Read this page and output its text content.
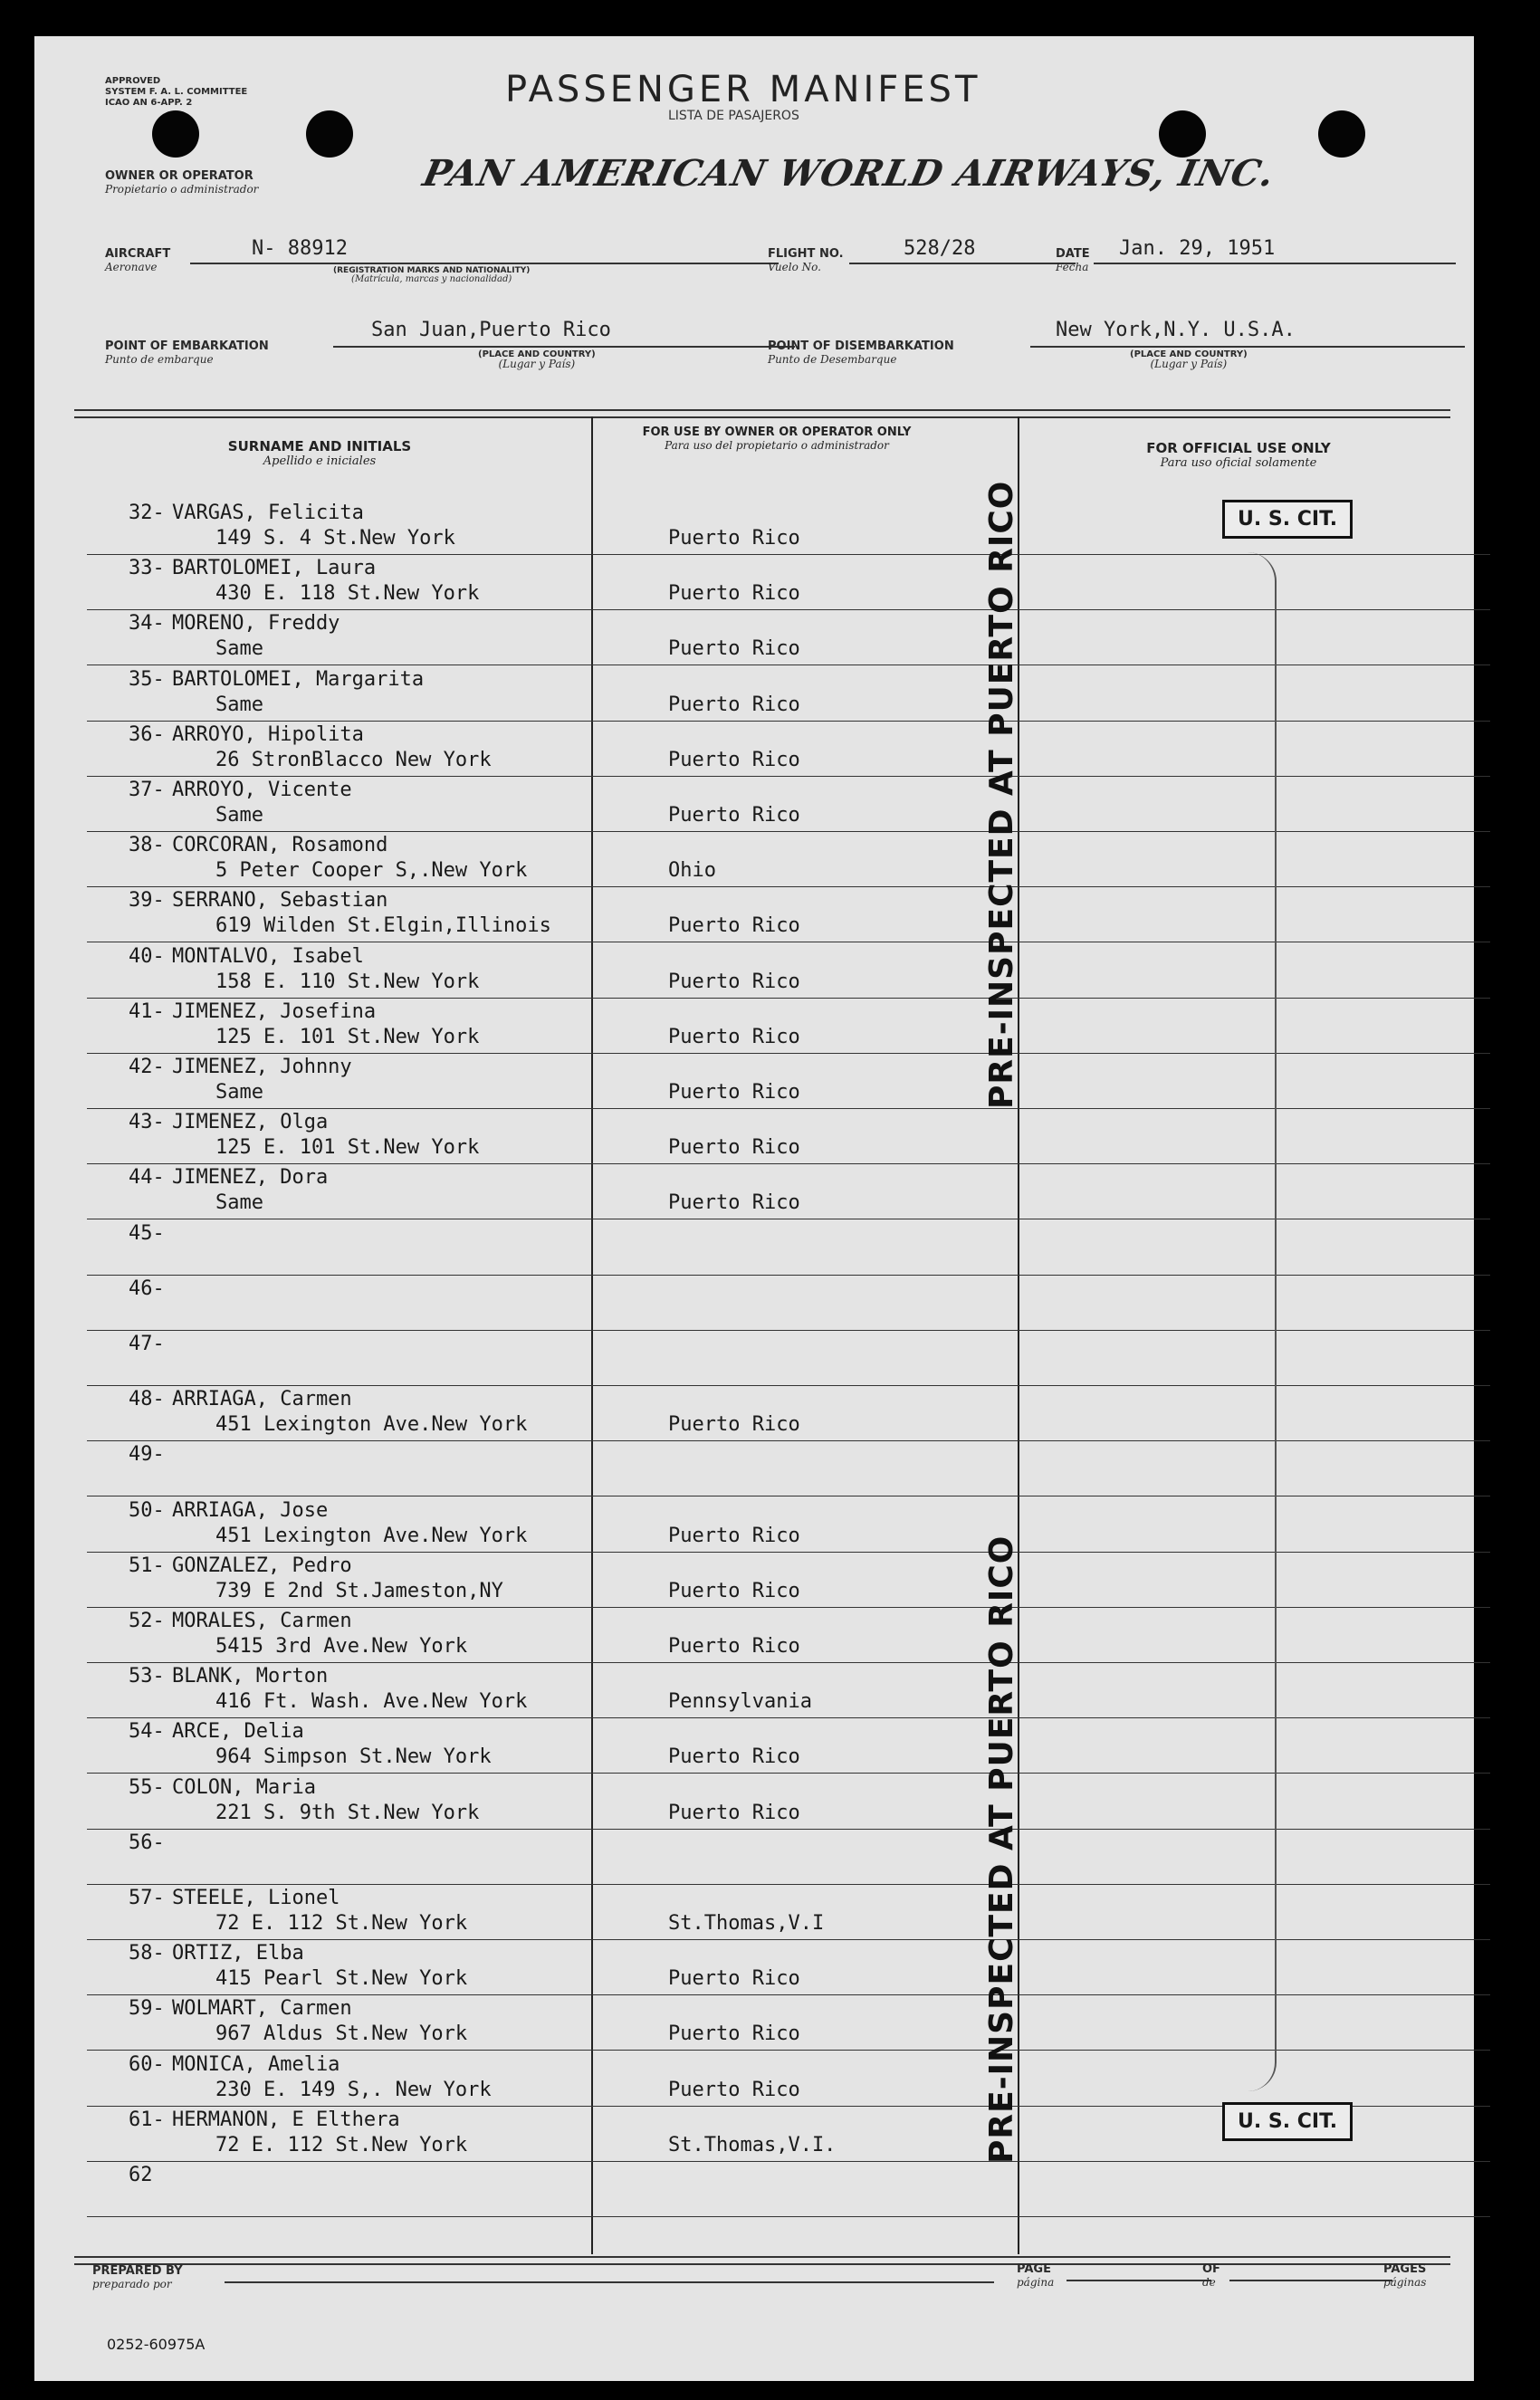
APPROVED
SYSTEM F. A. L. COMMITTEE
ICAO AN 6-APP. 2	PASSENGER MANIFEST
LISTA DE PASAJEROS
OWNER OR OPERATOR
Propietario o administrador	PAN AMERICAN WORLD AIRWAYS, INC.
AIRCRAFT
Aeronave
N- 88912
(REGISTRATION MARKS AND NATIONALITY)
(Matrícula, marcas y nacionalidad)
FLIGHT NO.
Vuelo No.
528/28	DATE
Fecha
Jan. 29, 1951
POINT OF EMBARKATION
Punto de embarque
San Juan,Puerto Rico
(PLACE AND COUNTRY)
(Lugar y País)
POINT OF DISEMBARKATION
Punto de Desembarque
New York,N.Y. U.S.A.
(PLACE AND COUNTRY)
(Lugar y País)
SURNAME AND INITIALS
Apellido e iniciales
FOR USE BY OWNER OR OPERATOR ONLY
Para uso del propietario o administrador	FOR OFFICIAL USE ONLY
Para uso oficial solamente
32- VARGAS, Felicita
149 S. 4 St.New York	Puerto Rico
33- BARTOLOMEI, Laura
430 E. 118 St.New York	Puerto Rico
34- MORENO, Freddy
Same	Puerto Rico
35- BARTOLOMEI, Margarita
Same	Puerto Rico
36- ARROYO, Hipolita
26 StronBlacco New York	Puerto Rico
37- ARROYO, Vicente
Same	Puerto Rico
38- CORCORAN, Rosamond
5 Peter Cooper S,.New York	Ohio
39- SERRANO, Sebastian
619 Wilden St.Elgin,Illinois	Puerto Rico
40- MONTALVO, Isabel
158 E. 110 St.New York	Puerto Rico
41- JIMENEZ, Josefina
125 E. 101 St.New York	Puerto Rico
42- JIMENEZ, Johnny
Same	Puerto Rico
43- JIMENEZ, Olga
125 E. 101 St.New York	Puerto Rico
44- JIMENEZ, Dora
Same	Puerto Rico
45-
46-
47-
48- ARRIAGA, Carmen
451 Lexington Ave.New York	Puerto Rico
49-
50- ARRIAGA, Jose
451 Lexington Ave.New York	Puerto Rico
51- GONZALEZ, Pedro
739 E 2nd St.Jameston,NY	Puerto Rico
52- MORALES, Carmen
5415 3rd Ave.New York	Puerto Rico
53- BLANK, Morton
416 Ft. Wash. Ave.New York	Pennsylvania
54- ARCE, Delia
964 Simpson St.New York	Puerto Rico
55- COLON, Maria
221 S. 9th St.New York	Puerto Rico
56-
57- STEELE, Lionel
72 E. 112 St.New York	St.Thomas,V.I
58- ORTIZ, Elba
415 Pearl St.New York	Puerto Rico
59- WOLMART, Carmen
967 Aldus St.New York	Puerto Rico
60- MONICA, Amelia
230 E. 149 S,. New York	Puerto Rico
61- HERMANON, E Elthera
72 E. 112 St.New York	St.Thomas,V.I.
62
PRE-INSPECTED AT PUERTO RICO
PRE-INSPECTED AT PUERTO RICO
U. S. CIT.
U. S. CIT.
PREPARED BY
preparado por
PAGE
página
OF
de
PAGES
páginas
0252-60975A
